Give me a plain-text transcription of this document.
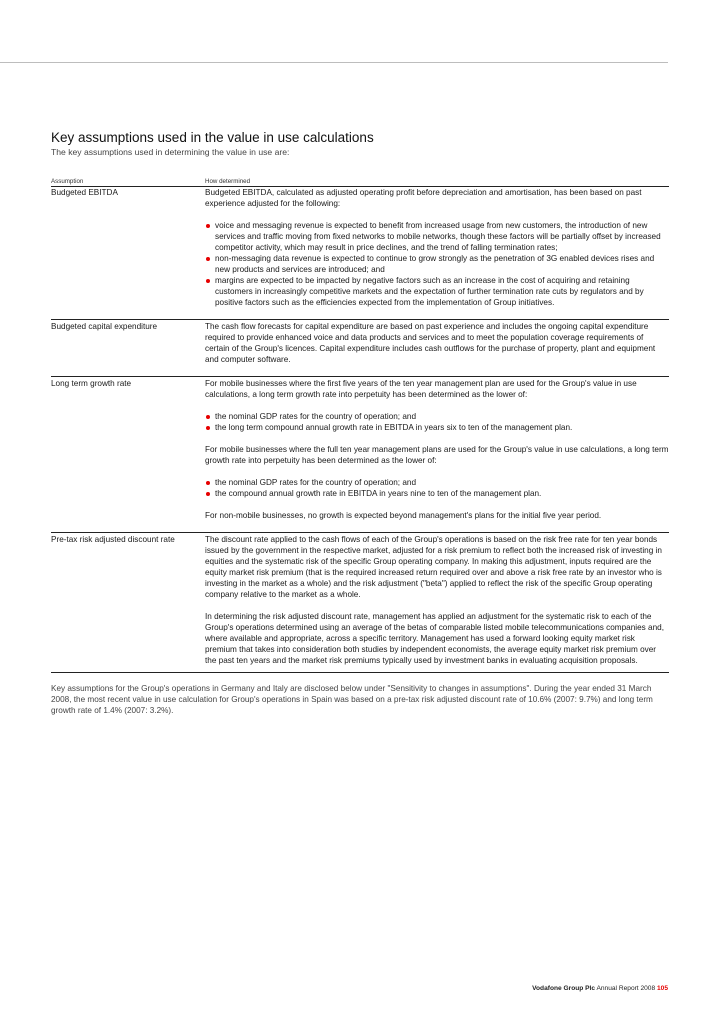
Key assumptions used in the value in use calculations

The key assumptions used in determining the value in use are:

Assumption	How determined
Budgeted EBITDA	Budgeted EBITDA, calculated as adjusted operating profit before depreciation and amortisation, has been based on past experience adjusted for the following:

voice and messaging revenue is expected to benefit from increased usage from new customers, the introduction of new services and traffic moving from fixed networks to mobile networks, though these factors will be partially offset by increased competitor activity, which may result in price declines, and the trend of falling termination rates;
non-messaging data revenue is expected to continue to grow strongly as the penetration of 3G enabled devices rises and new products and services are introduced; and
margins are expected to be impacted by negative factors such as an increase in the cost of acquiring and retaining customers in increasingly competitive markets and the expectation of further termination rate cuts by regulators and by positive factors such as the efficiencies expected from the implementation of Group initiatives.
Budgeted capital expenditure	The cash flow forecasts for capital expenditure are based on past experience and includes the ongoing capital expenditure required to provide enhanced voice and data products and services and to meet the population coverage requirements of certain of the Group's licences. Capital expenditure includes cash outflows for the purchase of property, plant and equipment and computer software.

Long term growth rate	For mobile businesses where the first five years of the ten year management plan are used for the Group's value in use calculations, a long term growth rate into perpetuity has been determined as the lower of:

the nominal GDP rates for the country of operation; and
the long term compound annual growth rate in EBITDA in years six to ten of the management plan.

For mobile businesses where the full ten year management plans are used for the Group's value in use calculations, a long term growth rate into perpetuity has been determined as the lower of:

the nominal GDP rates for the country of operation; and
the compound annual growth rate in EBITDA in years nine to ten of the management plan.

For non-mobile businesses, no growth is expected beyond management's plans for the initial five year period.

Pre-tax risk adjusted discount rate	The discount rate applied to the cash flows of each of the Group's operations is based on the risk free rate for ten year bonds issued by the government in the respective market, adjusted for a risk premium to reflect both the increased risk of investing in equities and the systematic risk of the specific Group operating company. In making this adjustment, inputs required are the equity market risk premium (that is the required increased return required over and above a risk free rate by an investor who is investing in the market as a whole) and the risk adjustment ("beta") applied to reflect the risk of the specific Group operating company relative to the market as a whole.

In determining the risk adjusted discount rate, management has applied an adjustment for the systematic risk to each of the Group's operations determined using an average of the betas of comparable listed mobile telecommunications companies and, where available and appropriate, across a specific territory. Management has used a forward looking equity market risk premium that takes into consideration both studies by independent economists, the average equity market risk premium over the past ten years and the market risk premiums typically used by investment banks in evaluating acquisition proposals.

Key assumptions for the Group's operations in Germany and Italy are disclosed below under "Sensitivity to changes in assumptions". During the year ended 31 March 2008, the most recent value in use calculation for Group's operations in Spain was based on a pre-tax risk adjusted discount rate of 10.6% (2007: 9.7%) and long term growth rate of 1.4% (2007: 3.2%).

Vodafone Group Plc Annual Report 2008 105
